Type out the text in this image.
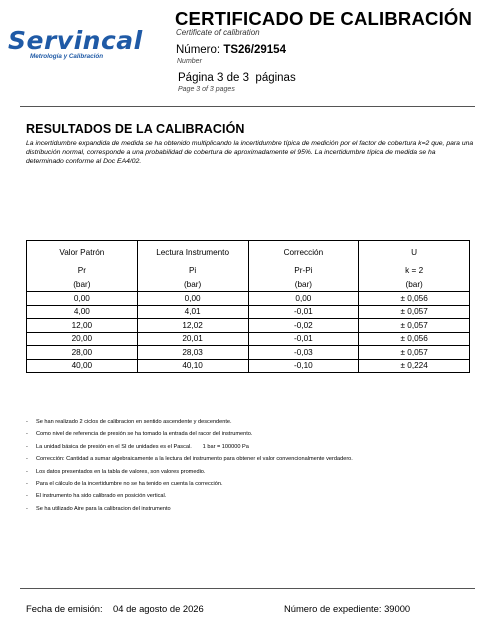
Servincal
Metrología y Calibración
CERTIFICADO DE CALIBRACIÓN
Certificate of calibration
Número: TS26/29154
Number
Página 3 de 3 páginas
Page 3 of 3 pages
RESULTADOS DE LA CALIBRACIÓN
La incertidumbre expandida de medida se ha obtenido multiplicando la incertidumbre típica de medición por el factor de cobertura k=2 que, para una distribución normal, corresponde a una probabilidad de cobertura de aproximadamente el 95%. La incertidumbre típica de medida se ha determinado conforme al Doc EA4/02.
Valor Patrón	Lectura Instrumento	Corrección	U
Pr	Pi	Pr-Pi	k = 2
(bar)	(bar)	(bar)	(bar)
0,00	0,00	0,00	± 0,056
4,00	4,01	-0,01	± 0,057
12,00	12,02	-0,02	± 0,057
20,00	20,01	-0,01	± 0,056
28,00	28,03	-0,03	± 0,057
40,00	40,10	-0,10	± 0,224
- Se han realizado 2 ciclos de calibracion en sentido ascendente y descendente.
- Como nivel de referencia de presión se ha tomado la entrada del racor del instrumento.
- La unidad básica de presión en el SI de unidades es el Pascal.       1 bar = 100000 Pa
- Corrección: Cantidad a sumar algebraicamente a la lectura del instrumento para obtener el valor convencionalmente verdadero.
- Los datos presentados en la tabla de valores, son valores promedio.
- Para el cálculo de la incertidumbre no se ha tenido en cuenta la corrección.
- El instrumento ha sido calibrado en posición vertical.
- Se ha utilizado Aire para la calibracion del instrumento
Fecha de emisión: 04 de agosto de 2026	Número de expediente: 39000
